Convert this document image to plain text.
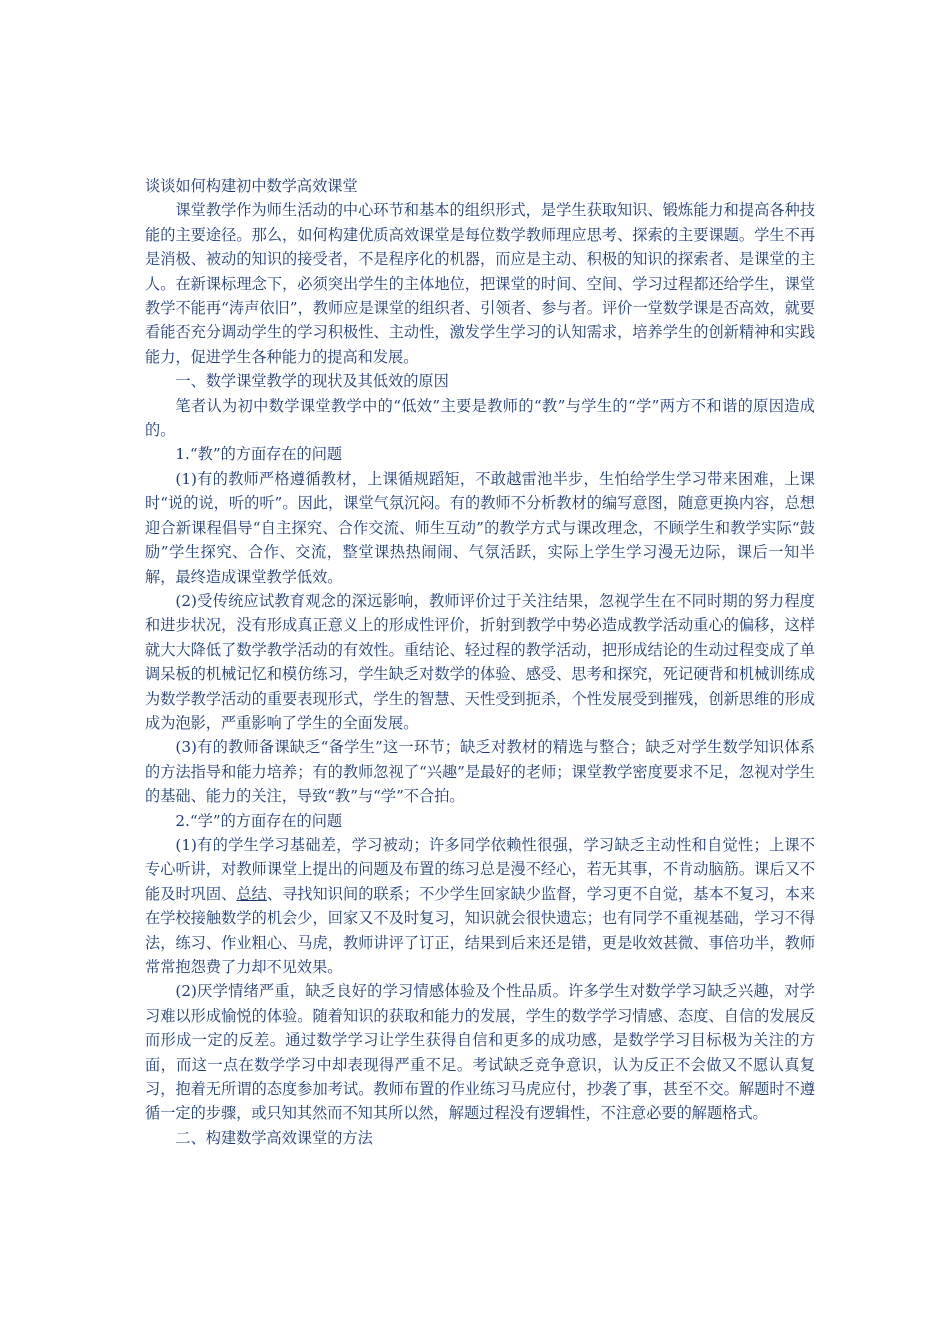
谈谈如何构建初中数学高效课堂

课堂教学作为师生活动的中心环节和基本的组织形式，是学生获取知识、锻炼能力和提高各种技能的主要途径。那么，如何构建优质高效课堂是每位数学教师理应思考、探索的主要课题。学生不再是消极、被动的知识的接受者，不是程序化的机器，而应是主动、积极的知识的探索者、是课堂的主人。在新课标理念下，必须突出学生的主体地位，把课堂的时间、空间、学习过程都还给学生，课堂教学不能再“涛声依旧”，教师应是课堂的组织者、引领者、参与者。评价一堂数学课是否高效，就要看能否充分调动学生的学习积极性、主动性，激发学生学习的认知需求，培养学生的创新精神和实践能力，促进学生各种能力的提高和发展。

一、数学课堂教学的现状及其低效的原因

笔者认为初中数学课堂教学中的“低效”主要是教师的“教”与学生的“学”两方不和谐的原因造成的。

1.“教”的方面存在的问题

(1)有的教师严格遵循教材，上课循规蹈矩，不敢越雷池半步，生怕给学生学习带来困难，上课时“说的说，听的听”。因此，课堂气氛沉闷。有的教师不分析教材的编写意图，随意更换内容，总想迎合新课程倡导“自主探究、合作交流、师生互动”的教学方式与课改理念，不顾学生和教学实际“鼓励”学生探究、合作、交流，整堂课热热闹闹、气氛活跃，实际上学生学习漫无边际，课后一知半解，最终造成课堂教学低效。

(2)受传统应试教育观念的深远影响，教师评价过于关注结果，忽视学生在不同时期的努力程度和进步状况，没有形成真正意义上的形成性评价，折射到教学中势必造成教学活动重心的偏移，这样就大大降低了数学教学活动的有效性。重结论、轻过程的教学活动，把形成结论的生动过程变成了单调呆板的机械记忆和模仿练习，学生缺乏对数学的体验、感受、思考和探究，死记硬背和机械训练成为数学教学活动的重要表现形式，学生的智慧、天性受到扼杀，个性发展受到摧残，创新思维的形成成为泡影，严重影响了学生的全面发展。

(3)有的教师备课缺乏“备学生”这一环节；缺乏对教材的精选与整合；缺乏对学生数学知识体系的方法指导和能力培养；有的教师忽视了“兴趣”是最好的老师；课堂教学密度要求不足，忽视对学生的基础、能力的关注，导致“教”与“学”不合拍。

2.“学”的方面存在的问题

(1)有的学生学习基础差，学习被动；许多同学依赖性很强，学习缺乏主动性和自觉性；上课不专心听讲，对教师课堂上提出的问题及布置的练习总是漫不经心，若无其事，不肯动脑筋。课后又不能及时巩固、总结、寻找知识间的联系；不少学生回家缺少监督，学习更不自觉，基本不复习，本来在学校接触数学的机会少，回家又不及时复习，知识就会很快遗忘；也有同学不重视基础，学习不得法，练习、作业粗心、马虎，教师讲评了订正，结果到后来还是错，更是收效甚微、事倍功半，教师常常抱怨费了力却不见效果。

(2)厌学情绪严重，缺乏良好的学习情感体验及个性品质。许多学生对数学学习缺乏兴趣，对学习难以形成愉悦的体验。随着知识的获取和能力的发展，学生的数学学习情感、态度、自信的发展反而形成一定的反差。通过数学学习让学生获得自信和更多的成功感，是数学学习目标极为关注的方面，而这一点在数学学习中却表现得严重不足。考试缺乏竞争意识，认为反正不会做又不愿认真复习，抱着无所谓的态度参加考试。教师布置的作业练习马虎应付，抄袭了事，甚至不交。解题时不遵循一定的步骤，或只知其然而不知其所以然，解题过程没有逻辑性，不注意必要的解题格式。

二、构建数学高效课堂的方法
